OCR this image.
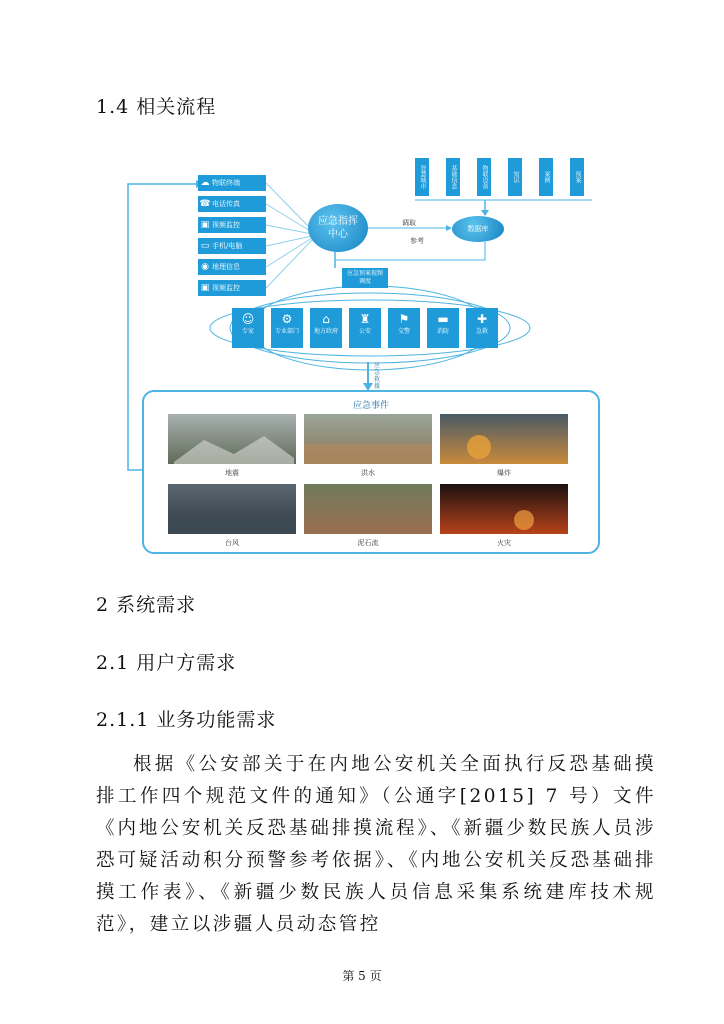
1.4 相关流程
☁ 物联终端
☎ 电话传真
▣ 视频监控
▭ 手机/电脑
◉ 地理信息
▣ 视频监控
应急指挥中心
调取
参考
数据库
智慧城市	基础信息	物联设备	知识	案例	预案
应急预案视频调度
☺
专家
⚙
专业部门
⌂
地方政府
♜
公安
⚑
交警
▬
消防
✚
急救
应急救援
应急事件
地震	洪水	爆炸
台风	泥石流	火灾
2 系统需求
2.1 用户方需求
2.1.1 业务功能需求

根据《公安部关于在内地公安机关全面执行反恐基础摸排工作四个规范文件的通知》（公通字[2015] 7 号）文件《内地公安机关反恐基础排摸流程》、《新疆少数民族人员涉恐可疑活动积分预警参考依据》、《内地公安机关反恐基础排摸工作表》、《新疆少数民族人员信息采集系统建库技术规范》，建立以涉疆人员动态管控

第 5 页
